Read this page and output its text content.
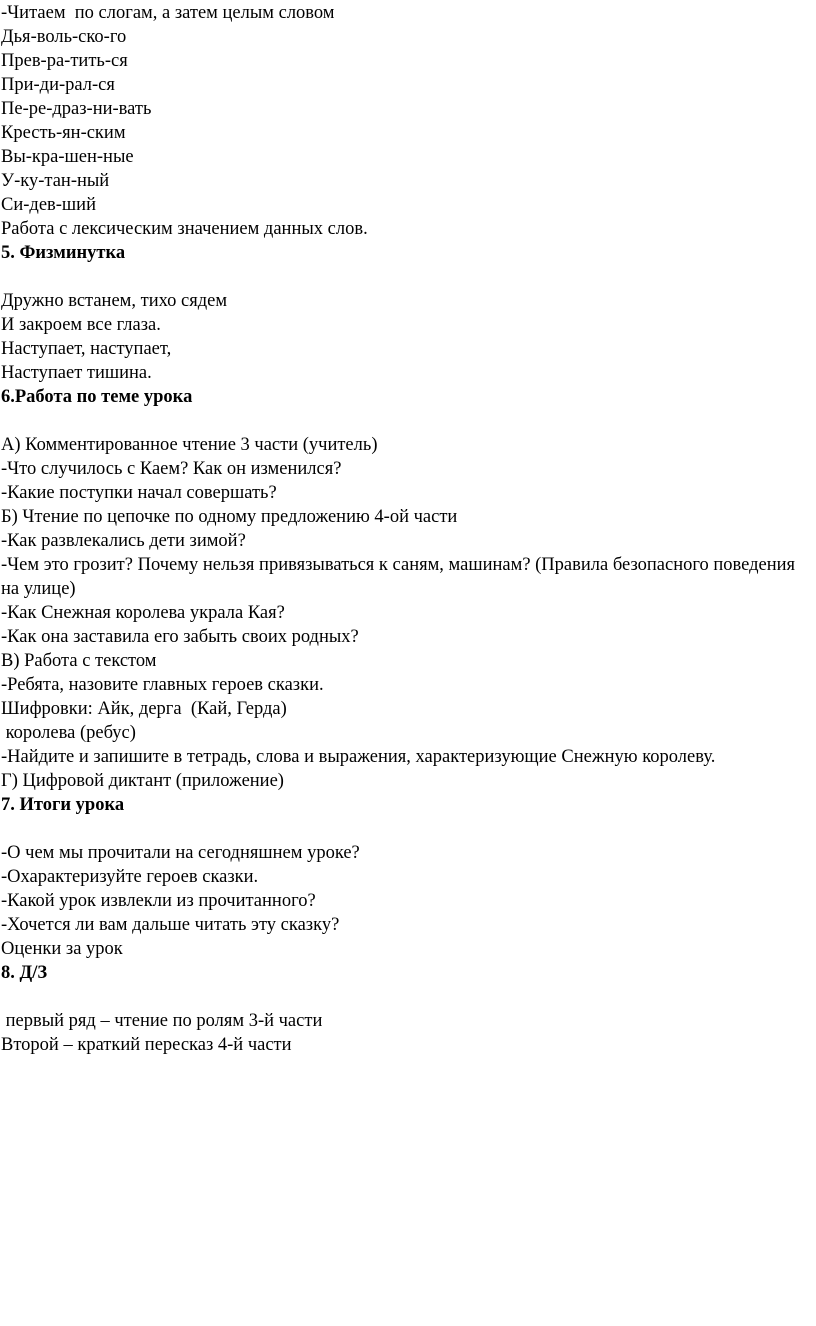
-Читаем  по слогам, а затем целым словом
Дья-воль-ско-го
Прев-ра-тить-ся
При-ди-рал-ся
Пе-ре-драз-ни-вать
Кресть-ян-ским
Вы-кра-шен-ные
У-ку-тан-ный
Си-дев-ший
Работа с лексическим значением данных слов.
5. Физминутка
Дружно встанем, тихо сядем
И закроем все глаза.
Наступает, наступает,
Наступает тишина.
6.Работа по теме урока
А) Комментированное чтение 3 части (учитель)
-Что случилось с Каем? Как он изменился?
-Какие поступки начал совершать?
Б) Чтение по цепочке по одному предложению 4-ой части
-Как развлекались дети зимой?
-Чем это грозит? Почему нельзя привязываться к саням, машинам? (Правила безопасного поведения на улице)
-Как Снежная королева украла Кая?
-Как она заставила его забыть своих родных?
В) Работа с текстом
-Ребята, назовите главных героев сказки.
Шифровки: Айк, дерга  (Кай, Герда)
королева (ребус)
-Найдите и запишите в тетрадь, слова и выражения, характеризующие Снежную королеву.
Г) Цифровой диктант (приложение)
7. Итоги урока
-О чем мы прочитали на сегодняшнем уроке?
-Охарактеризуйте героев сказки.
-Какой урок извлекли из прочитанного?
-Хочется ли вам дальше читать эту сказку?
Оценки за урок
8. Д/З
первый ряд – чтение по ролям 3-й части
Второй – краткий пересказ 4-й части
